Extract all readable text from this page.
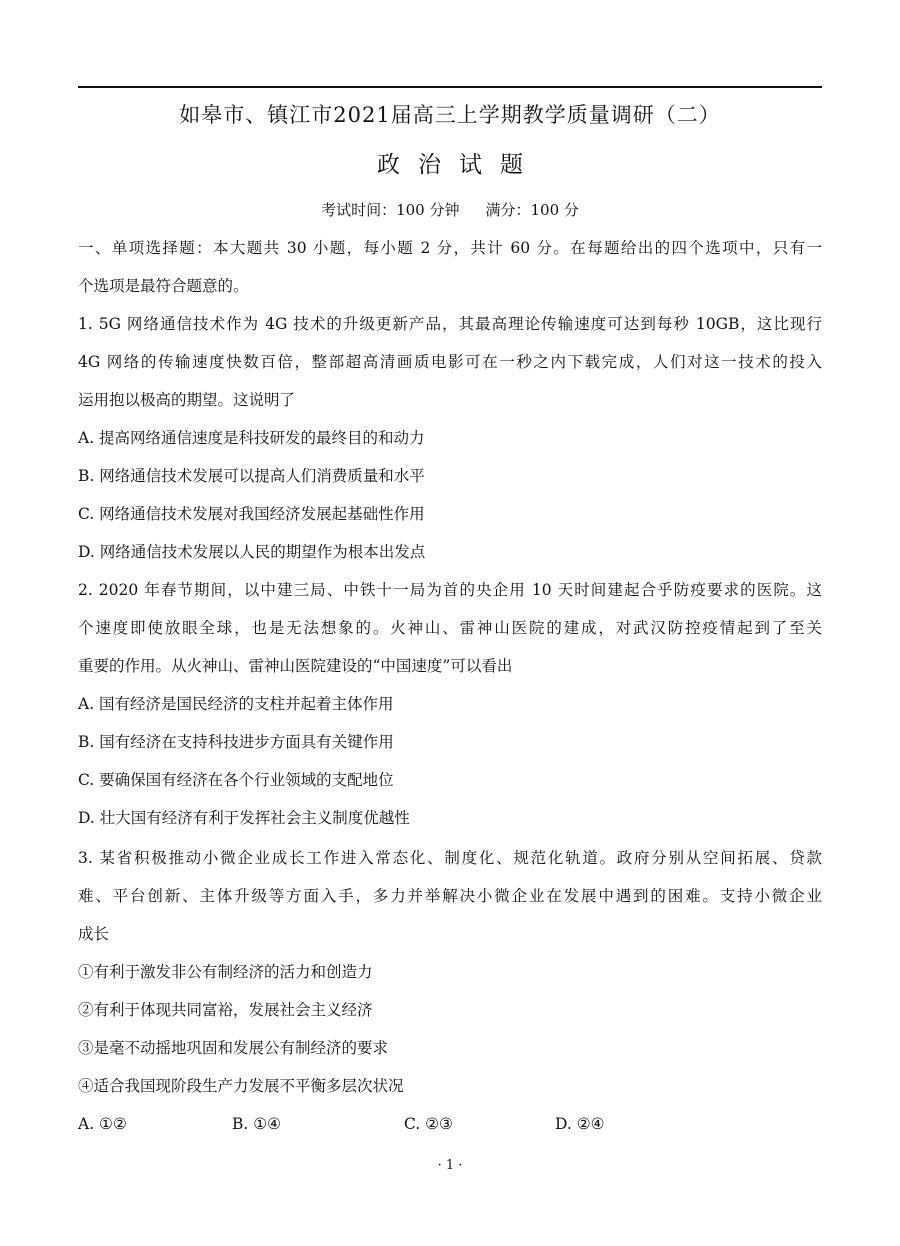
如皋市、镇江市2021届高三上学期教学质量调研（二）
政治试题
考试时间：100 分钟 满分：100 分
一、单项选择题：本大题共 30 小题，每小题 2 分，共计 60 分。在每题给出的四个选项中，只有一
个选项是最符合题意的。
1. 5G 网络通信技术作为 4G 技术的升级更新产品，其最高理论传输速度可达到每秒 10GB，这比现行
4G 网络的传输速度快数百倍，整部超高清画质电影可在一秒之内下载完成，人们对这一技术的投入
运用抱以极高的期望。这说明了
A. 提高网络通信速度是科技研发的最终目的和动力
B. 网络通信技术发展可以提高人们消费质量和水平
C. 网络通信技术发展对我国经济发展起基础性作用
D. 网络通信技术发展以人民的期望作为根本出发点
2. 2020 年春节期间，以中建三局、中铁十一局为首的央企用 10 天时间建起合乎防疫要求的医院。这
个速度即使放眼全球，也是无法想象的。火神山、雷神山医院的建成，对武汉防控疫情起到了至关
重要的作用。从火神山、雷神山医院建设的“中国速度”可以看出
A. 国有经济是国民经济的支柱并起着主体作用
B. 国有经济在支持科技进步方面具有关键作用
C. 要确保国有经济在各个行业领域的支配地位
D. 壮大国有经济有利于发挥社会主义制度优越性
3. 某省积极推动小微企业成长工作进入常态化、制度化、规范化轨道。政府分别从空间拓展、贷款
难、平台创新、主体升级等方面入手，多力并举解决小微企业在发展中遇到的困难。支持小微企业
成长
①有利于激发非公有制经济的活力和创造力
②有利于体现共同富裕，发展社会主义经济
③是毫不动摇地巩固和发展公有制经济的要求
④适合我国现阶段生产力发展不平衡多层次状况
A. ①②	B. ①④	C. ②③	D. ②④
· 1 ·
